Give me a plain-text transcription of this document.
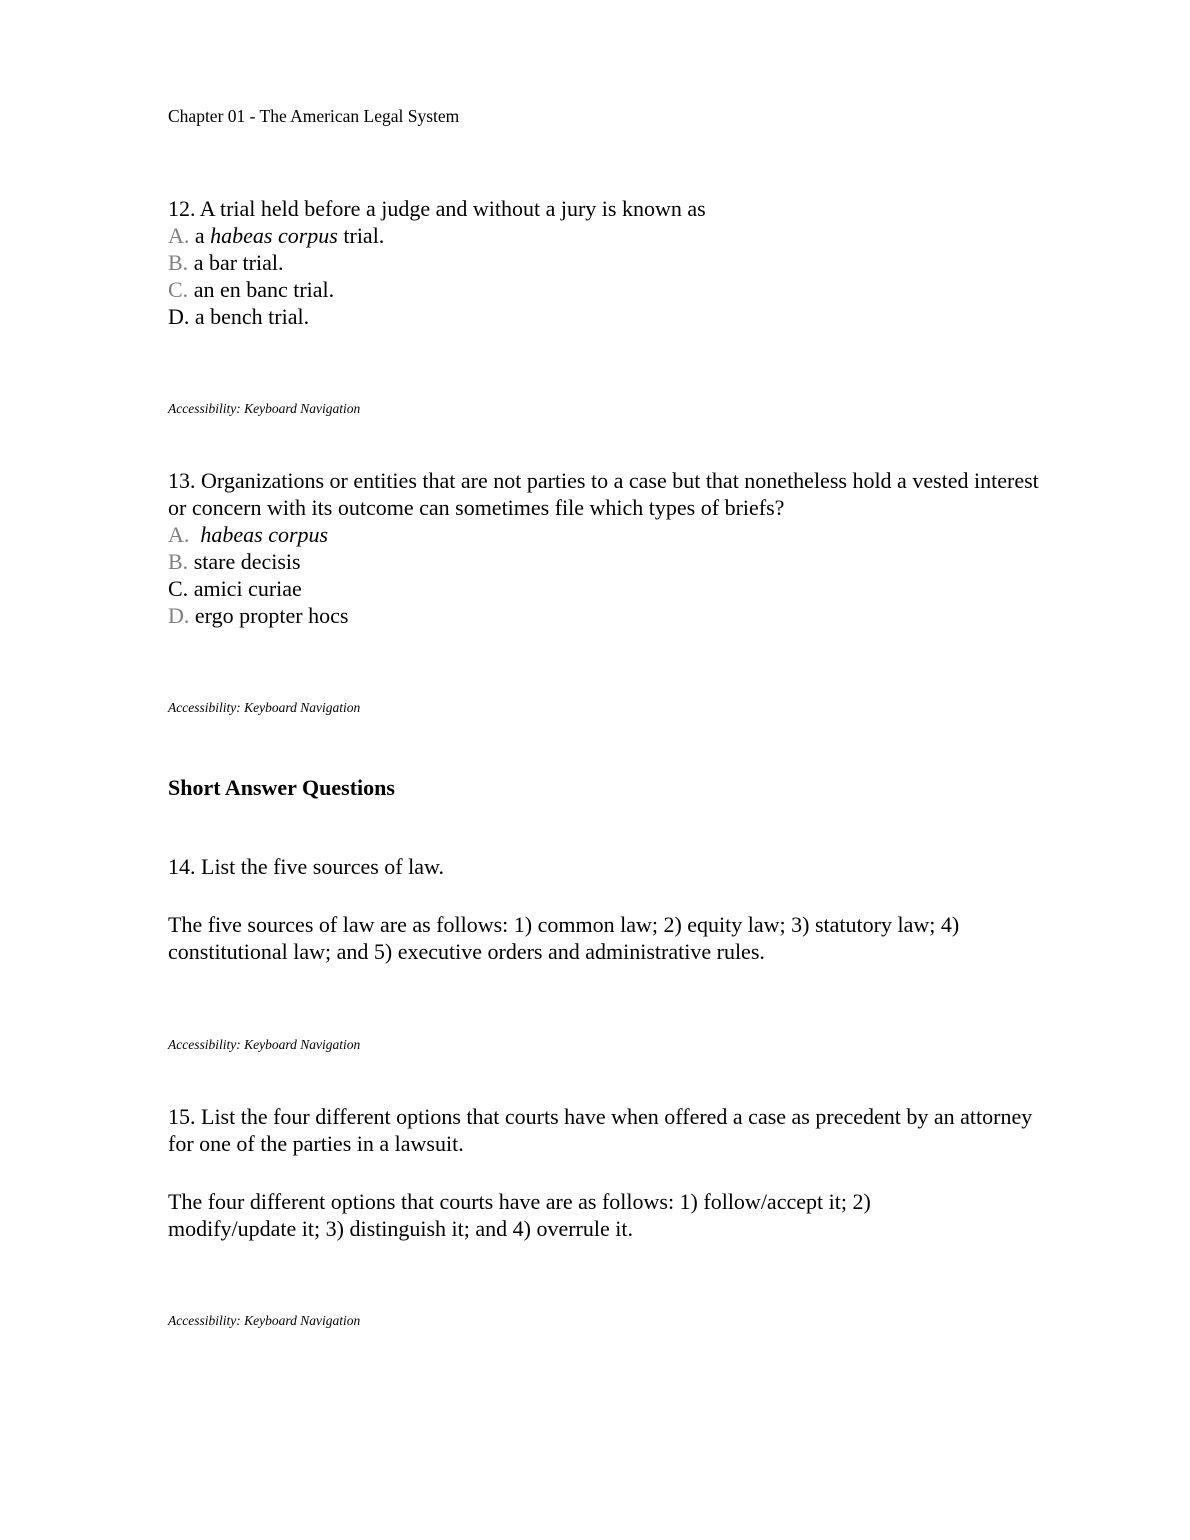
Chapter 01 - The American Legal System
12. A trial held before a judge and without a jury is known as
A. a habeas corpus trial.
B. a bar trial.
C. an en banc trial.
D. a bench trial.
Accessibility: Keyboard Navigation
13. Organizations or entities that are not parties to a case but that nonetheless hold a vested interest or concern with its outcome can sometimes file which types of briefs?
A. habeas corpus
B. stare decisis
C. amici curiae
D. ergo propter hocs
Accessibility: Keyboard Navigation
Short Answer Questions
14. List the five sources of law.
The five sources of law are as follows: 1) common law; 2) equity law; 3) statutory law; 4) constitutional law; and 5) executive orders and administrative rules.
Accessibility: Keyboard Navigation
15. List the four different options that courts have when offered a case as precedent by an attorney for one of the parties in a lawsuit.
The four different options that courts have are as follows: 1) follow/accept it; 2) modify/update it; 3) distinguish it; and 4) overrule it.
Accessibility: Keyboard Navigation
